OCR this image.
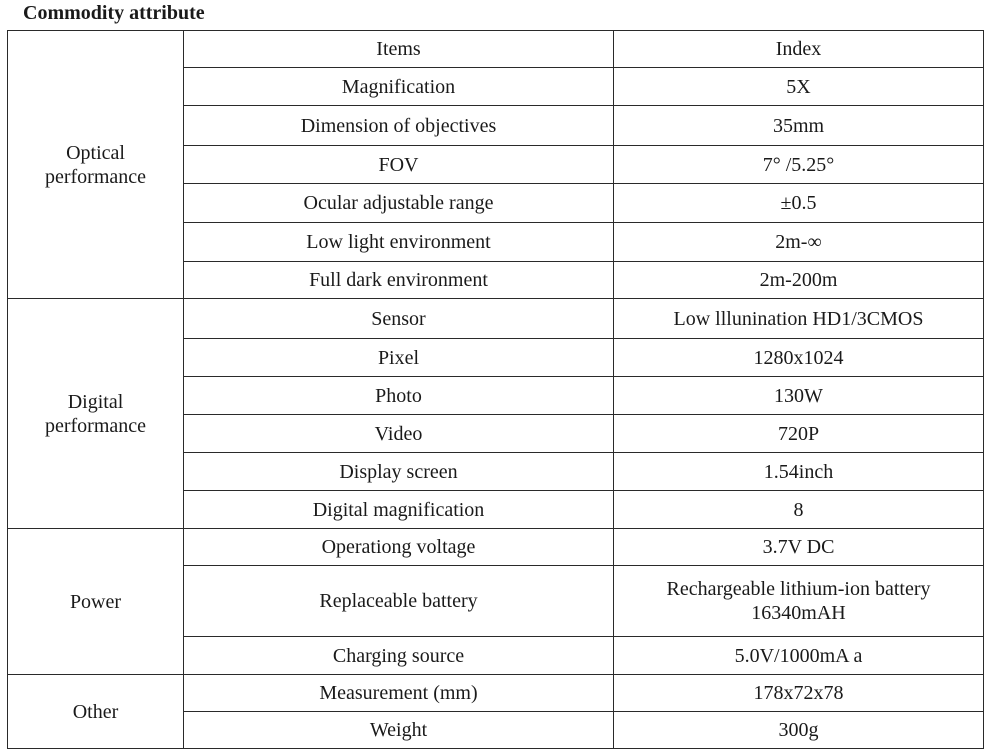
Commodity attribute
Optical
performance	Items	Index
	Magnification	5X
	Dimension of objectives	35mm
	FOV	7° /5.25°
	Ocular adjustable range	±0.5
	Low light environment	2m-∞
	Full dark environment	2m-200m
Digital
performance	Sensor	Low lllunination HD1/3CMOS
	Pixel	1280x1024
	Photo	130W
	Video	720P
	Display screen	1.54inch
	Digital magnification	8
Power	Operationg voltage	3.7V DC
	Replaceable battery	Rechargeable lithium-ion battery
16340mAH
	Charging source	5.0V/1000mA a
Other	Measurement (mm)	178x72x78
	Weight	300g
